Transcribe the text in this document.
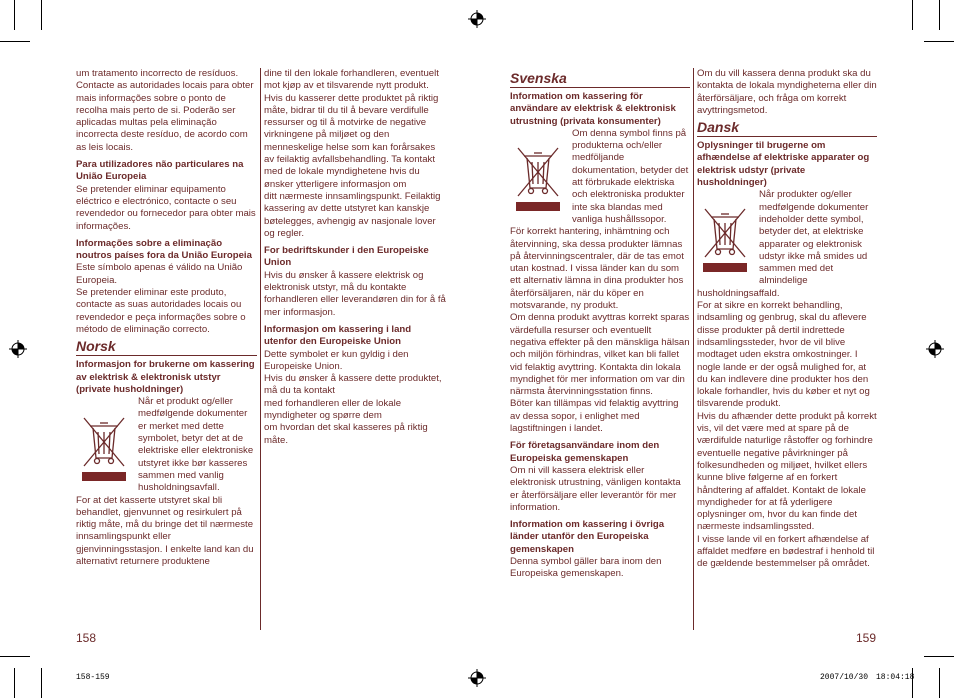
um tratamento incorrecto de resíduos. Contacte as autoridades locais para obter mais informações sobre o ponto de recolha mais perto de si. Poderão ser aplicadas multas pela eliminação incorrecta deste resíduo, de acordo com as leis locais.

Para utilizadores não particulares na União Europeia

Se pretender eliminar equipamento eléctrico e electrónico, contacte o seu revendedor ou fornecedor para obter mais informações.

Informações sobre a eliminação noutros países fora da União Europeia

Este símbolo apenas é válido na União Europeia.

Se pretender eliminar este produto, contacte as suas autoridades locais ou revendedor e peça informações sobre o método de eliminação correcto.

Norsk

Informasjon for brukerne om kassering av elektrisk & elektronisk utstyr (private husholdninger)

Når et produkt og/eller medfølgende dokumenter er merket med dette symbolet, betyr det at de elektriske eller elektroniske utstyret ikke bør kasseres sammen med vanlig husholdningsavfall.

For at det kasserte utstyret skal bli behandlet, gjenvunnet og resirkulert på riktig måte, må du bringe det til nærmeste innsamlingspunkt eller gjenvinningsstasjon. I enkelte land kan du alternativt returnere produktene

dine til den lokale forhandleren, eventuelt mot kjøp av et tilsvarende nytt produkt.

Hvis du kasserer dette produktet på riktig måte, bidrar til du til å bevare verdifulle ressurser og til å motvirke de negative virkningene på miljøet og den menneskelige helse som kan forårsakes av feilaktig avfallsbehandling. Ta kontakt med de lokale myndighetene hvis du ønsker ytterligere informasjon om

ditt nærmeste innsamlingspunkt. Feilaktig kassering av dette utstyret kan kanskje bøtelegges, avhengig av nasjonale lover og regler.

For bedriftskunder i den Europeiske Union

Hvis du ønsker å kassere elektrisk og elektronisk utstyr, må du kontakte forhandleren eller leverandøren din for å få mer informasjon.

Informasjon om kassering i land utenfor den Europeiske Union

Dette symbolet er kun gyldig i den Europeiske Union.

Hvis du ønsker å kassere dette produktet, må du ta kontakt

med forhandleren eller de lokale myndigheter og spørre dem

om hvordan det skal kasseres på riktig måte.

Svenska

Information om kassering för användare av elektrisk & elektronisk utrustning (privata konsumenter)

Om denna symbol finns på produkterna och/eller medföljande dokumentation, betyder det att förbrukade elektriska och elektroniska produkter inte ska blandas med vanliga hushållssopor.

För korrekt hantering, inhämtning och återvinning, ska dessa produkter lämnas på återvinningscentraler, där de tas emot utan kostnad. I vissa länder kan du som ett alternativ lämna in dina produkter hos återförsäljaren, när du köper en motsvarande, ny produkt.

Om denna produkt avyttras korrekt sparas värdefulla resurser och eventuellt negativa effekter på den mänskliga hälsan och miljön förhindras, vilket kan bli fallet vid felaktig avyttring. Kontakta din lokala myndighet för mer information om var din närmsta återvinningsstation finns.

Böter kan tillämpas vid felaktig avyttring av dessa sopor, i enlighet med lagstiftningen i landet.

För företagsanvändare inom den Europeiska gemenskapen

Om ni vill kassera elektrisk eller elektronisk utrustning, vänligen kontakta er återförsäljare eller leverantör för mer information.

Information om kassering i övriga länder utanför den Europeiska gemenskapen

Denna symbol gäller bara inom den Europeiska gemenskapen.

Om du vill kassera denna produkt ska du kontakta de lokala myndigheterna eller din återförsäljare, och fråga om korrekt avyttringsmetod.

Dansk

Oplysninger til brugerne om afhændelse af elektriske apparater og elektrisk udstyr (private husholdninger)

Når produkter og/eller medfølgende dokumenter indeholder dette symbol, betyder det, at elektriske apparater og elektronisk udstyr ikke må smides ud sammen med det almindelige

husholdningsaffald.

For at sikre en korrekt behandling, indsamling og genbrug, skal du aflevere disse produkter på dertil indrettede indsamlingssteder, hvor de vil blive modtaget uden ekstra omkostninger. I nogle lande er der også mulighed for, at du kan indlevere dine produkter hos den lokale forhandler, hvis du køber et nyt og tilsvarende produkt.

Hvis du afhænder dette produkt på korrekt vis, vil det være med at spare på de værdifulde naturlige råstoffer og forhindre eventuelle negative påvirkninger på folkesundheden og miljøet, hvilket ellers kunne blive følgerne af en forkert håndtering af affaldet. Kontakt de lokale myndigheder for at få yderligere oplysninger om, hvor du kan finde det nærmeste indsamlingssted.

I visse lande vil en forkert afhændelse af affaldet medføre en bødestraf i henhold til de gældende bestemmelser på området.

158	159
158-159	2007/10/30 18:04:18
